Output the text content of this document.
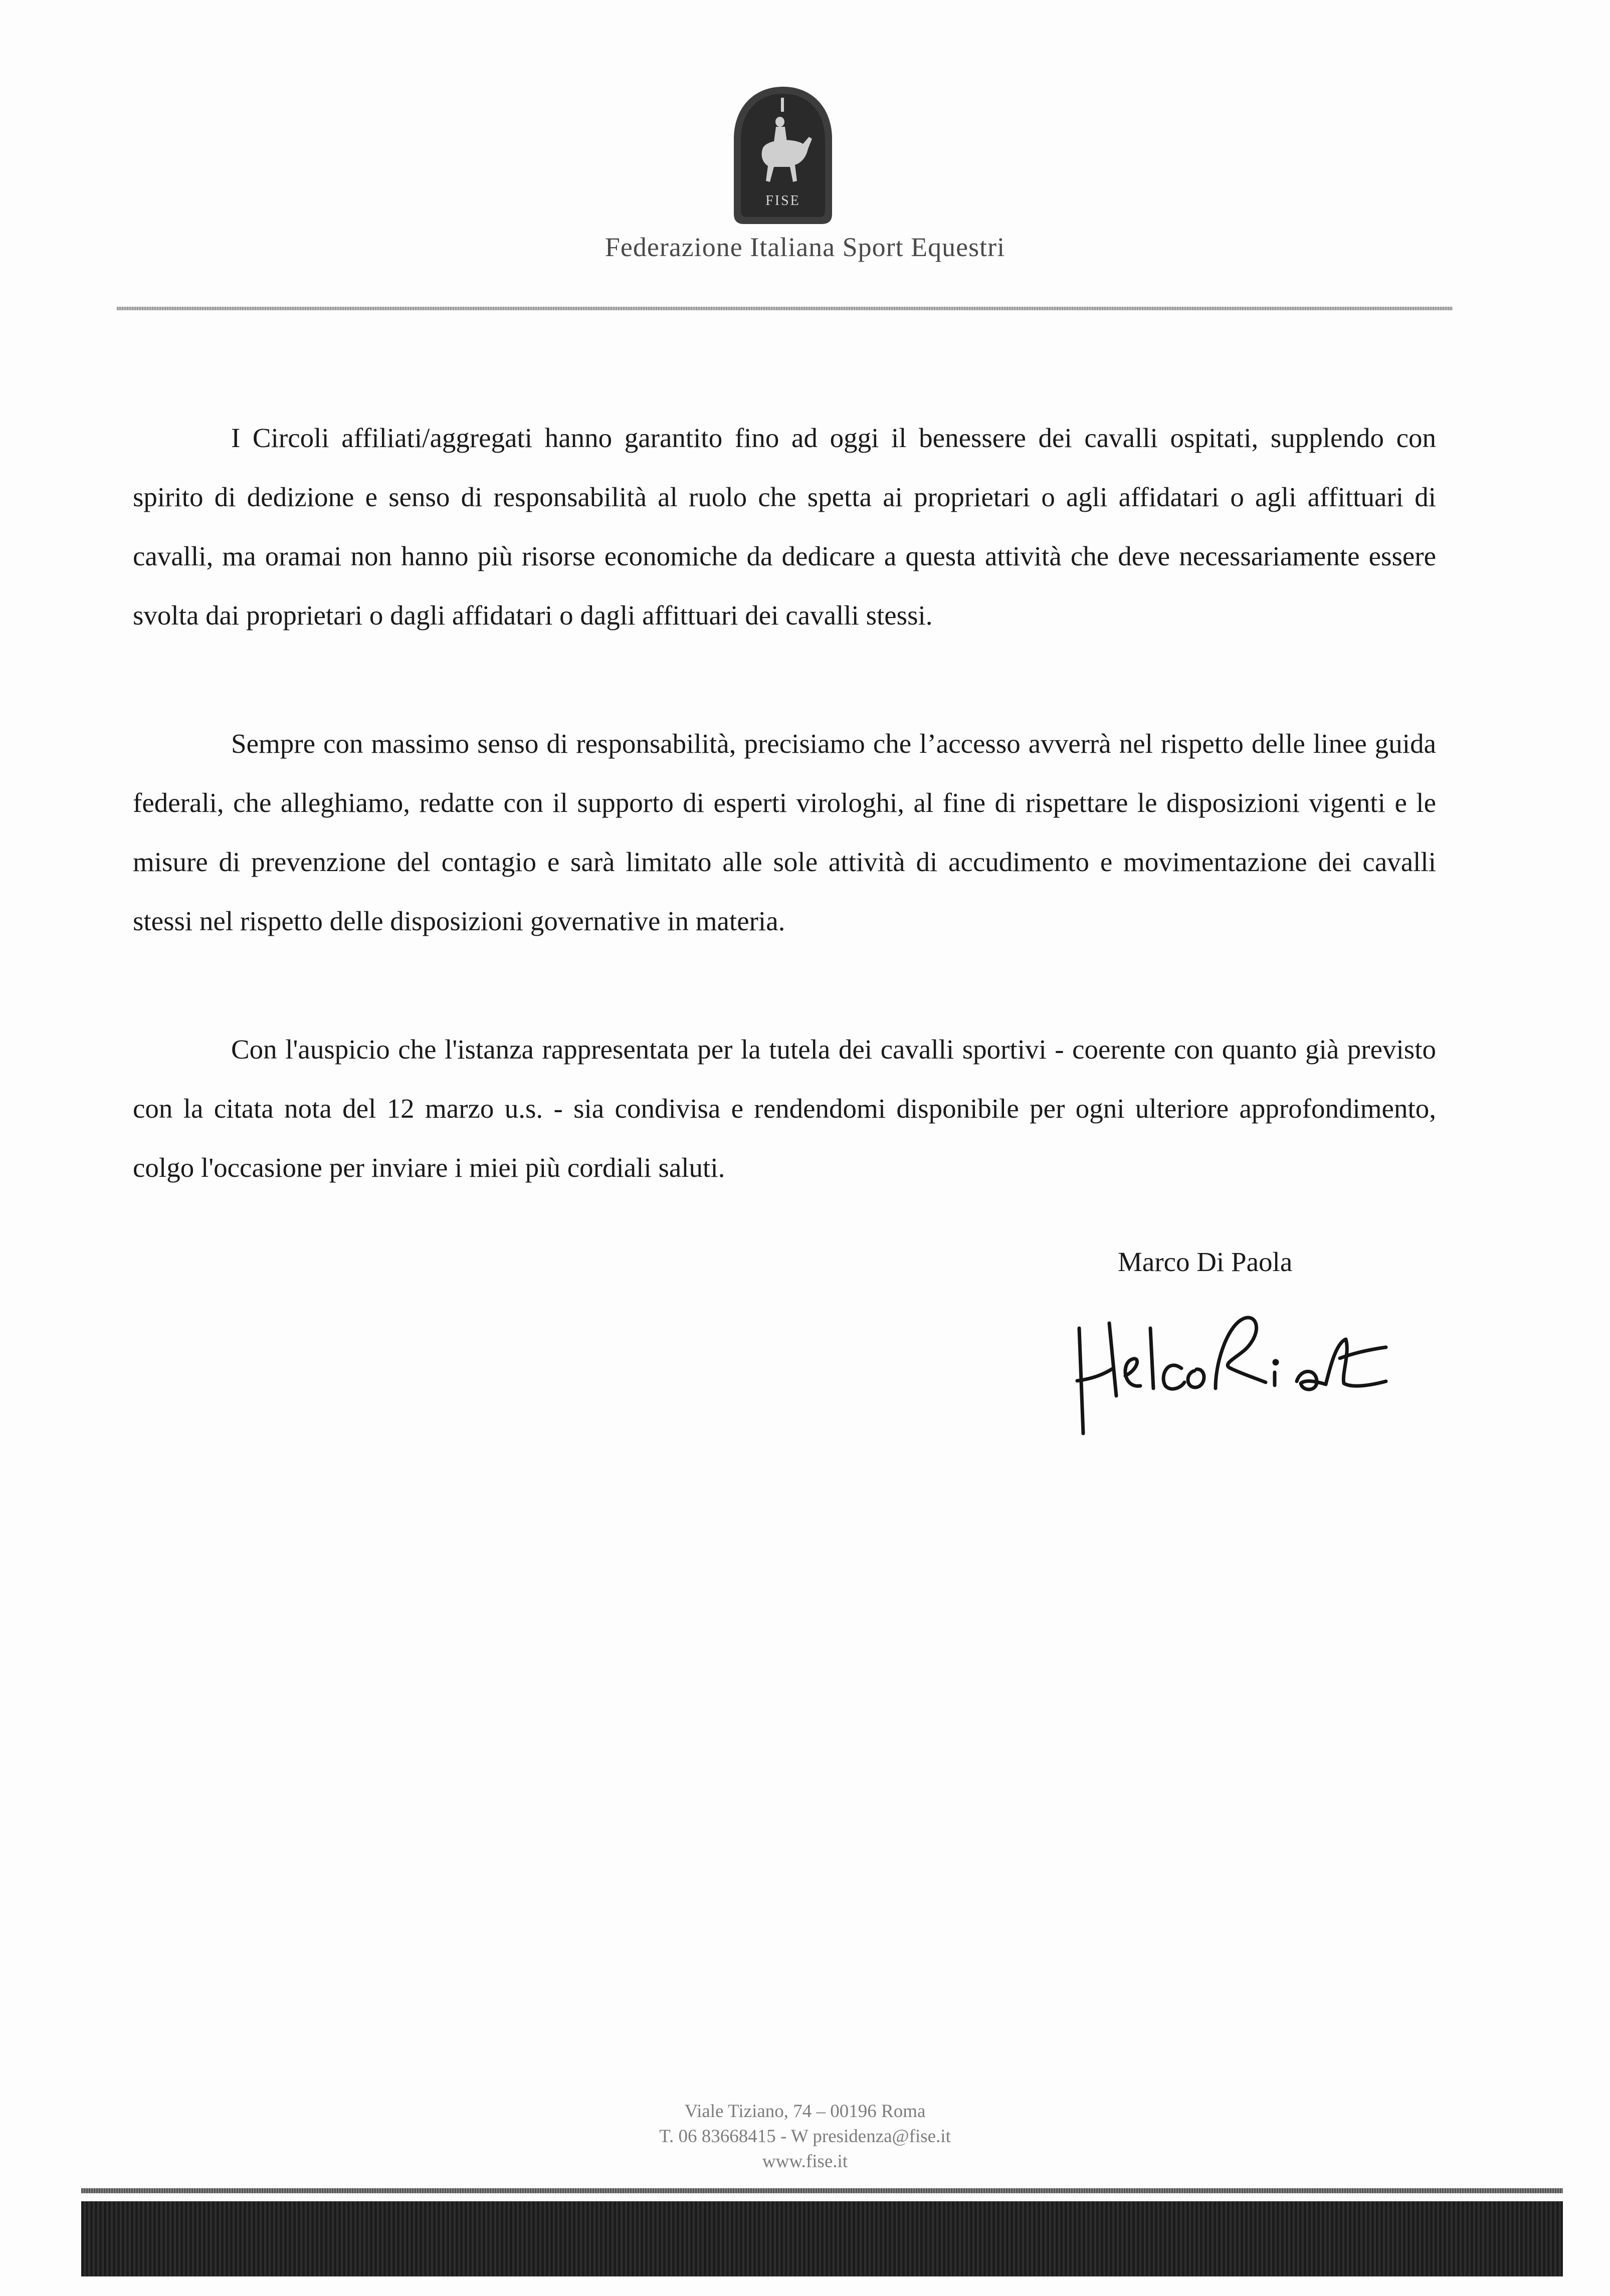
FISE
Federazione Italiana Sport Equestri

I Circoli affiliati/aggregati hanno garantito fino ad oggi il benessere dei cavalli ospitati, supplendo con spirito di dedizione e senso di responsabilità al ruolo che spetta ai proprietari o agli affidatari o agli affittuari di cavalli, ma oramai non hanno più risorse economiche da dedicare a questa attività che deve necessariamente essere svolta dai proprietari o dagli affidatari o dagli affittuari dei cavalli stessi.

Sempre con massimo senso di responsabilità, precisiamo che l’accesso avverrà nel rispetto delle linee guida federali, che alleghiamo, redatte con il supporto di esperti virologhi, al fine di rispettare le disposizioni vigenti e le misure di prevenzione del contagio e sarà limitato alle sole attività di accudimento e movimentazione dei cavalli stessi nel rispetto delle disposizioni governative in materia.

Con l'auspicio che l'istanza rappresentata per la tutela dei cavalli sportivi - coerente con quanto già previsto con la citata nota del 12 marzo u.s. - sia condivisa e rendendomi disponibile per ogni ulteriore approfondimento, colgo l'occasione per inviare i miei più cordiali saluti.

Marco Di Paola
Viale Tiziano, 74 – 00196 Roma
T. 06 83668415 - W presidenza@fise.it
www.fise.it
